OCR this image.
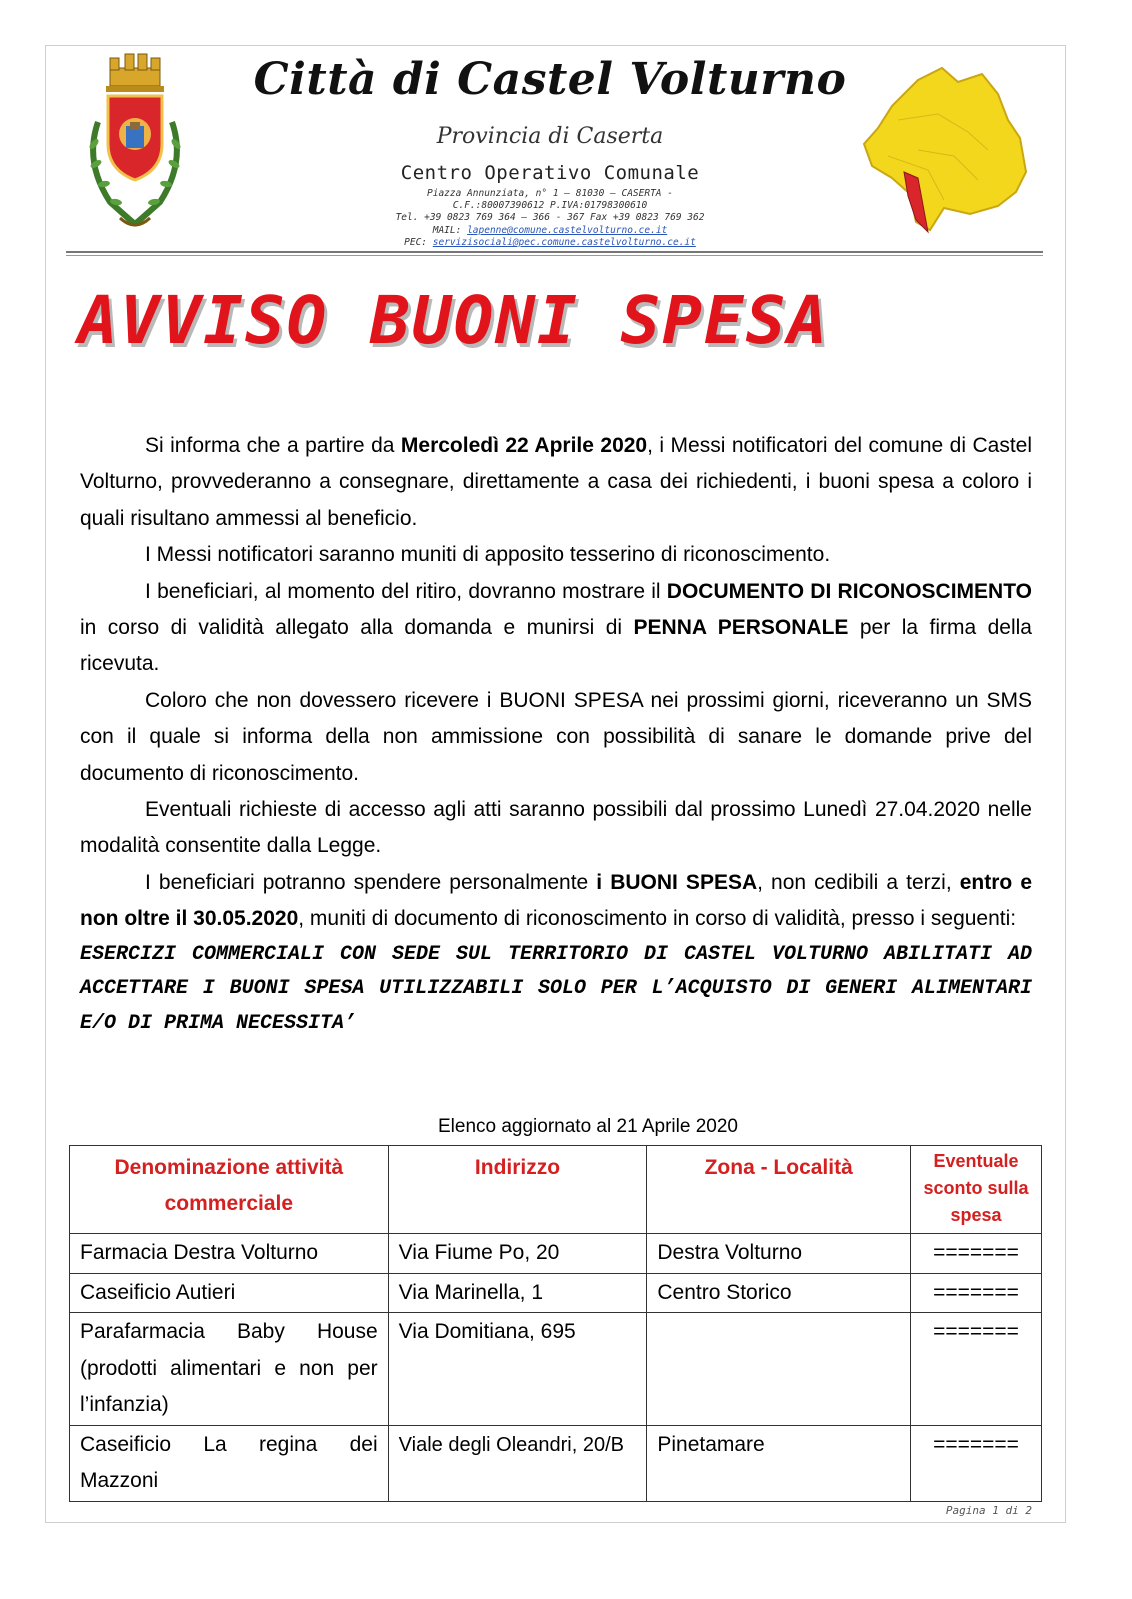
Città di Castel Volturno
Provincia di Caserta
Centro Operativo Comunale
Piazza Annunziata, n° 1 – 81030 – CASERTA -
C.F.:80007390612 P.IVA:01798300610
Tel. +39 0823 769 364 – 366 - 367 Fax +39 0823 769 362
MAIL: lapenne@comune.castelvolturno.ce.it
PEC: servizisociali@pec.comune.castelvolturno.ce.it
AVVISO BUONI SPESA

Si informa che a partire da Mercoledì 22 Aprile 2020, i Messi notificatori del comune di Castel Volturno, provvederanno a consegnare, direttamente a casa dei richiedenti, i buoni spesa a coloro i quali risultano ammessi al beneficio.

I Messi notificatori saranno muniti di apposito tesserino di riconoscimento.

I beneficiari, al momento del ritiro, dovranno mostrare il DOCUMENTO DI RICONOSCIMENTO in corso di validità allegato alla domanda e munirsi di PENNA PERSONALE per la firma della ricevuta.

Coloro che non dovessero ricevere i BUONI SPESA nei prossimi giorni, riceveranno un SMS con il quale si informa della non ammissione con possibilità di sanare le domande prive del documento di riconoscimento.

Eventuali richieste di accesso agli atti saranno possibili dal prossimo Lunedì 27.04.2020 nelle modalità consentite dalla Legge.

I beneficiari potranno spendere personalmente i BUONI SPESA, non cedibili a terzi, entro e non oltre il 30.05.2020, muniti di documento di riconoscimento in corso di validità, presso i seguenti:

ESERCIZI COMMERCIALI CON SEDE SUL TERRITORIO DI CASTEL VOLTURNO ABILITATI AD ACCETTARE I BUONI SPESA UTILIZZABILI SOLO PER L’ACQUISTO DI GENERI ALIMENTARI E/O DI PRIMA NECESSITA’

Elenco aggiornato al 21 Aprile 2020
Denominazione attività commerciale	Indirizzo	Zona - Località	Eventuale sconto sulla spesa
Farmacia Destra Volturno	Via Fiume Po, 20	Destra Volturno	=======
Caseificio Autieri	Via Marinella, 1	Centro Storico	=======
Parafarmacia Baby House (prodotti alimentari e non per l’infanzia)	Via Domitiana, 695		=======
Caseificio La regina dei Mazzoni	Viale degli Oleandri, 20/B	Pinetamare	=======
Pagina 1 di 2
